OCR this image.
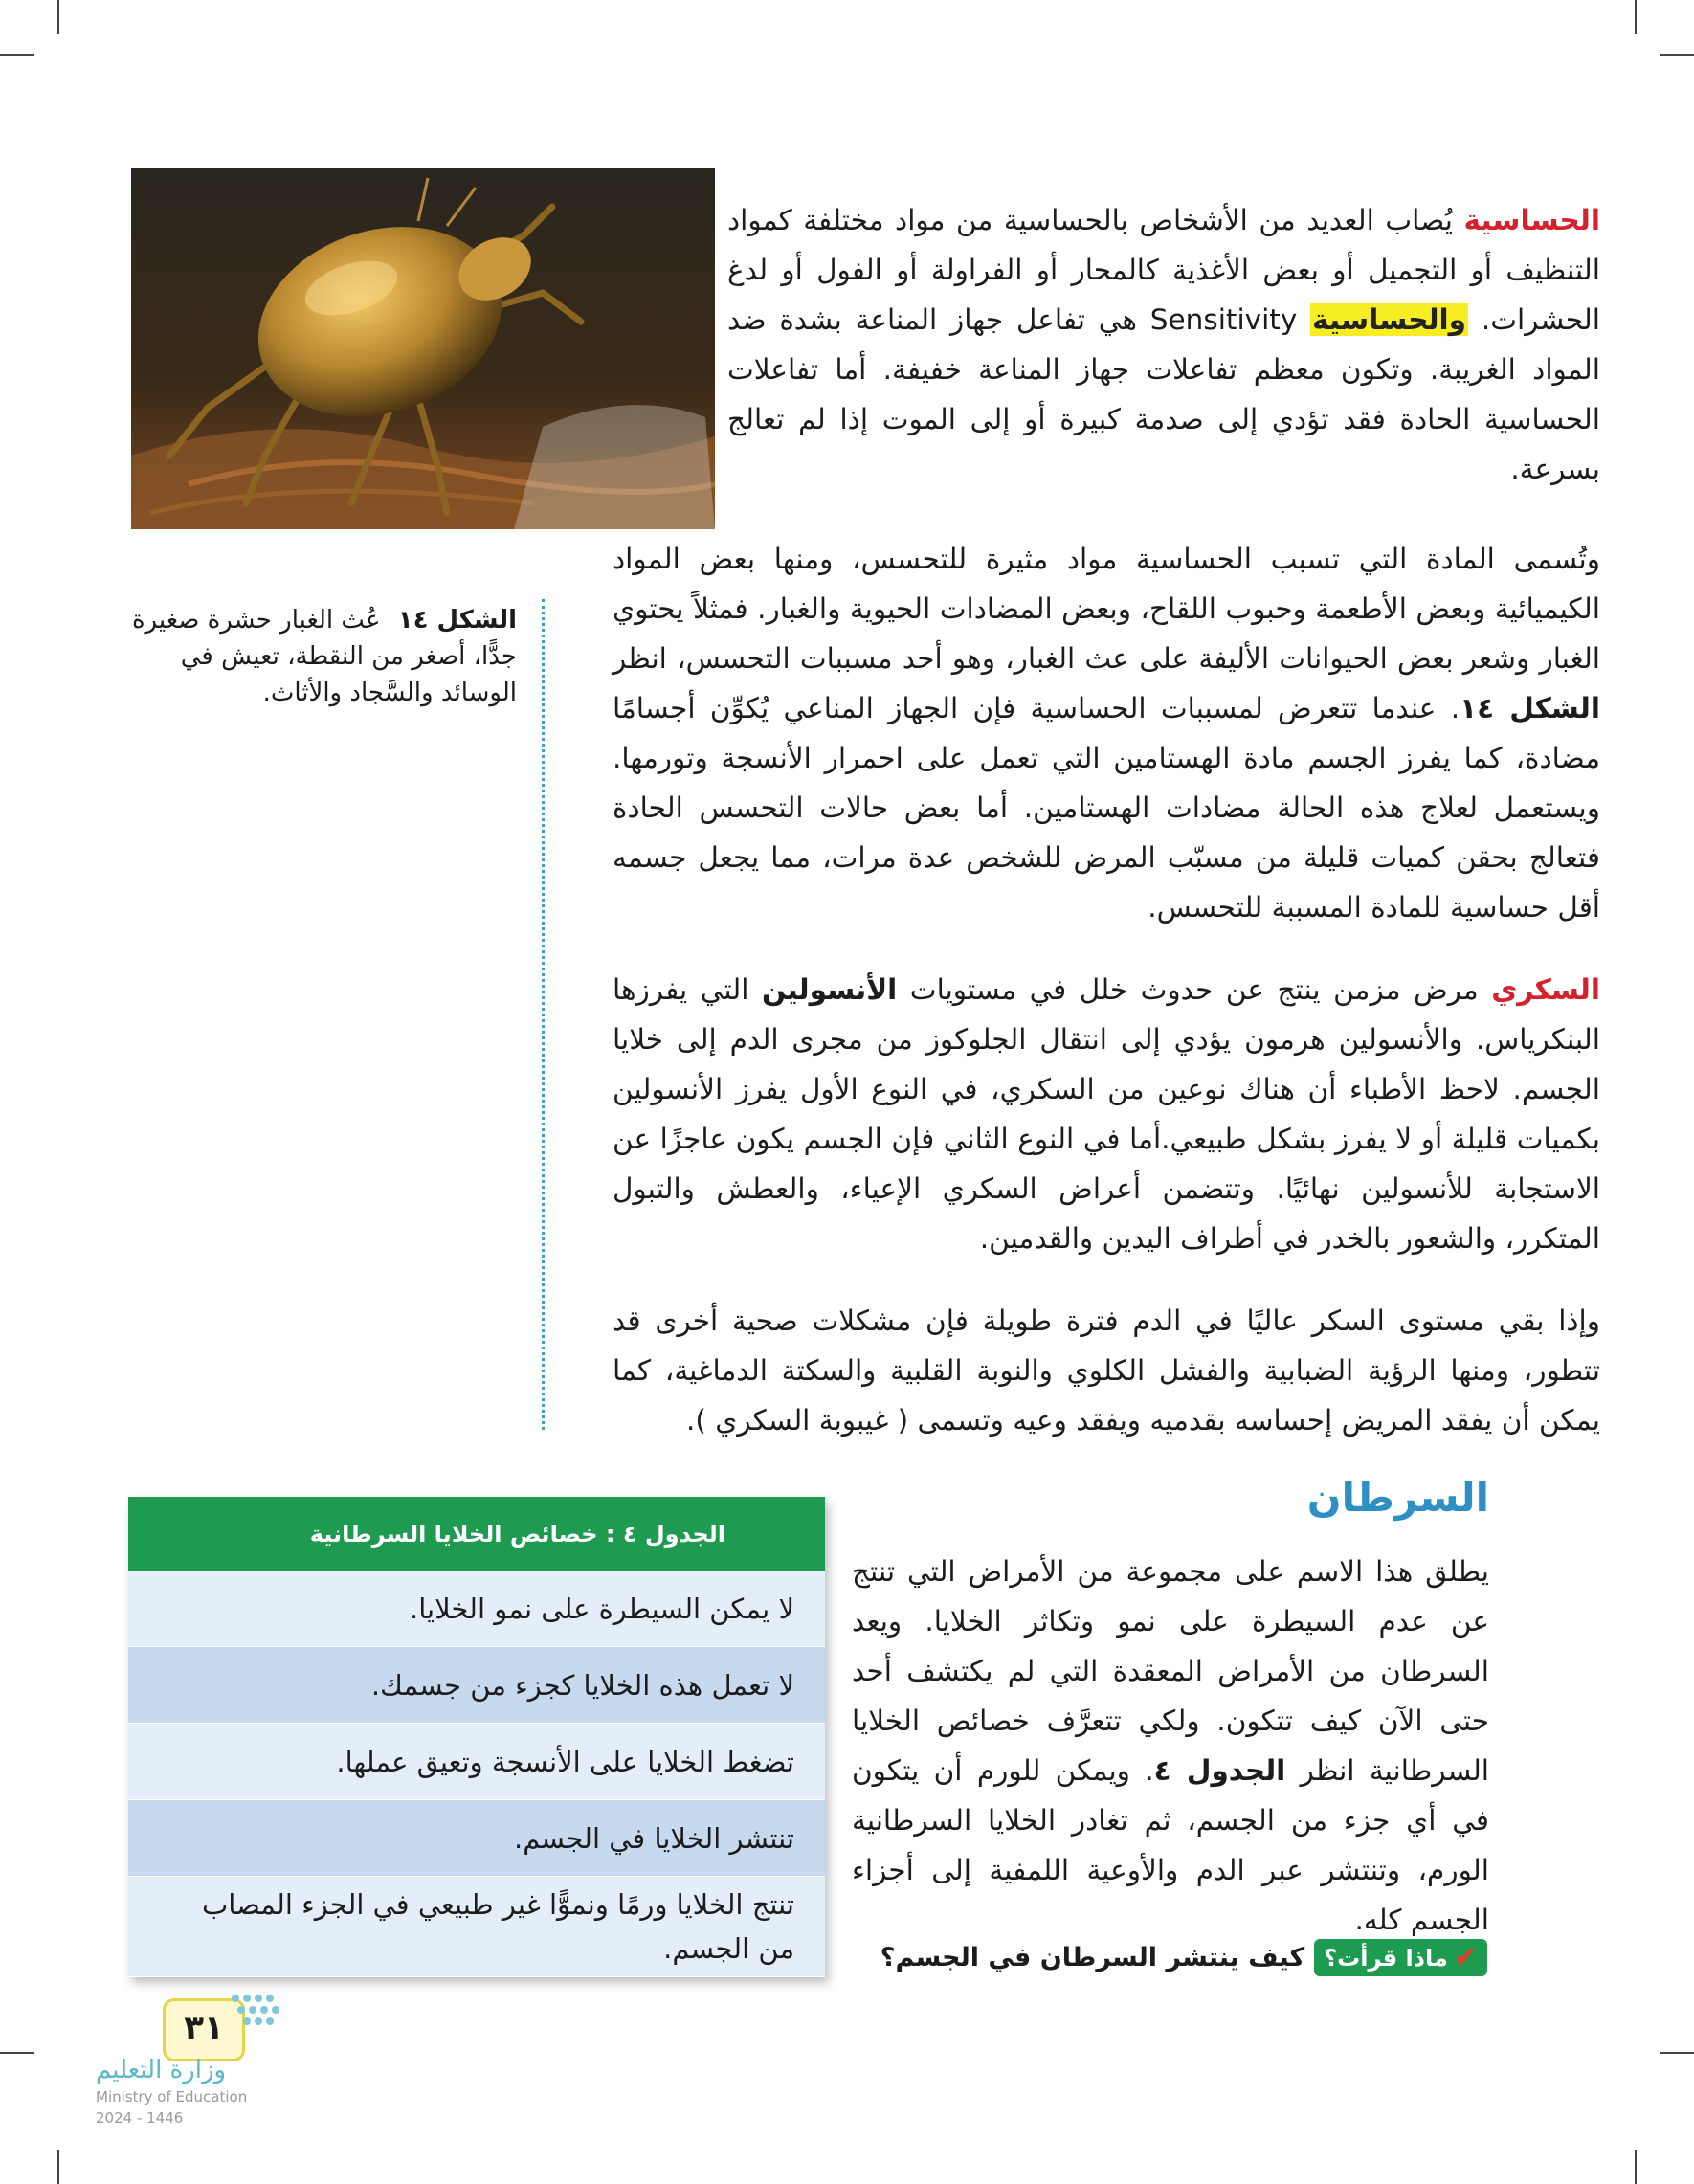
الحساسية يُصاب العديد من الأشخاص بالحساسية من مواد مختلفة كمواد التنظيف أو التجميل أو بعض الأغذية كالمحار أو الفراولة أو الفول أو لدغ الحشرات. والحساسية Sensitivity هي تفاعل جهاز المناعة بشدة ضد المواد الغريبة. وتكون معظم تفاعلات جهاز المناعة خفيفة. أما تفاعلات الحساسية الحادة فقد تؤدي إلى صدمة كبيرة أو إلى الموت إذا لم تعالج بسرعة.

وتُسمى المادة التي تسبب الحساسية مواد مثيرة للتحسس، ومنها بعض المواد الكيميائية وبعض الأطعمة وحبوب اللقاح، وبعض المضادات الحيوية والغبار. فمثلاً يحتوي الغبار وشعر بعض الحيوانات الأليفة على عث الغبار، وهو أحد مسببات التحسس، انظر الشكل ١٤. عندما تتعرض لمسببات الحساسية فإن الجهاز المناعي يُكوِّن أجسامًا مضادة، كما يفرز الجسم مادة الهستامين التي تعمل على احمرار الأنسجة وتورمها. ويستعمل لعلاج هذه الحالة مضادات الهستامين. أما بعض حالات التحسس الحادة فتعالج بحقن كميات قليلة من مسبّب المرض للشخص عدة مرات، مما يجعل جسمه أقل حساسية للمادة المسببة للتحسس.

الشكل ١٤ عُث الغبار حشرة صغيرة جدًّا، أصغر من النقطة، تعيش في الوسائد والسَّجاد والأثاث.

السكري مرض مزمن ينتج عن حدوث خلل في مستويات الأنسولين التي يفرزها البنكرياس. والأنسولين هرمون يؤدي إلى انتقال الجلوكوز من مجرى الدم إلى خلايا الجسم. لاحظ الأطباء أن هناك نوعين من السكري، في النوع الأول يفرز الأنسولين بكميات قليلة أو لا يفرز بشكل طبيعي.أما في النوع الثاني فإن الجسم يكون عاجزًا عن الاستجابة للأنسولين نهائيًا. وتتضمن أعراض السكري الإعياء، والعطش والتبول المتكرر، والشعور بالخدر في أطراف اليدين والقدمين.

وإذا بقي مستوى السكر عاليًا في الدم فترة طويلة فإن مشكلات صحية أخرى قد تتطور، ومنها الرؤية الضبابية والفشل الكلوي والنوبة القلبية والسكتة الدماغية، كما يمكن أن يفقد المريض إحساسه بقدميه ويفقد وعيه وتسمى ( غيبوبة السكري ).

السرطان

يطلق هذا الاسم على مجموعة من الأمراض التي تنتج عن عدم السيطرة على نمو وتكاثر الخلايا. ويعد السرطان من الأمراض المعقدة التي لم يكتشف أحد حتى الآن كيف تتكون. ولكي تتعرَّف خصائص الخلايا السرطانية انظر الجدول ٤. ويمكن للورم أن يتكون في أي جزء من الجسم، ثم تغادر الخلايا السرطانية الورم، وتنتشر عبر الدم والأوعية اللمفية إلى أجزاء الجسم كله.

الجدول ٤ : خصائص الخلايا السرطانية
لا يمكن السيطرة على نمو الخلايا.
لا تعمل هذه الخلايا كجزء من جسمك.
تضغط الخلايا على الأنسجة وتعيق عملها.
تنتشر الخلايا في الجسم.
تنتج الخلايا ورمًا ونموًّا غير طبيعي في الجزء المصاب من الجسم.	✔
ماذا قرأت؟
كيف ينتشر السرطان في الجسم؟
٣١
وزارة التعليم
Ministry of Education
2024 - 1446
